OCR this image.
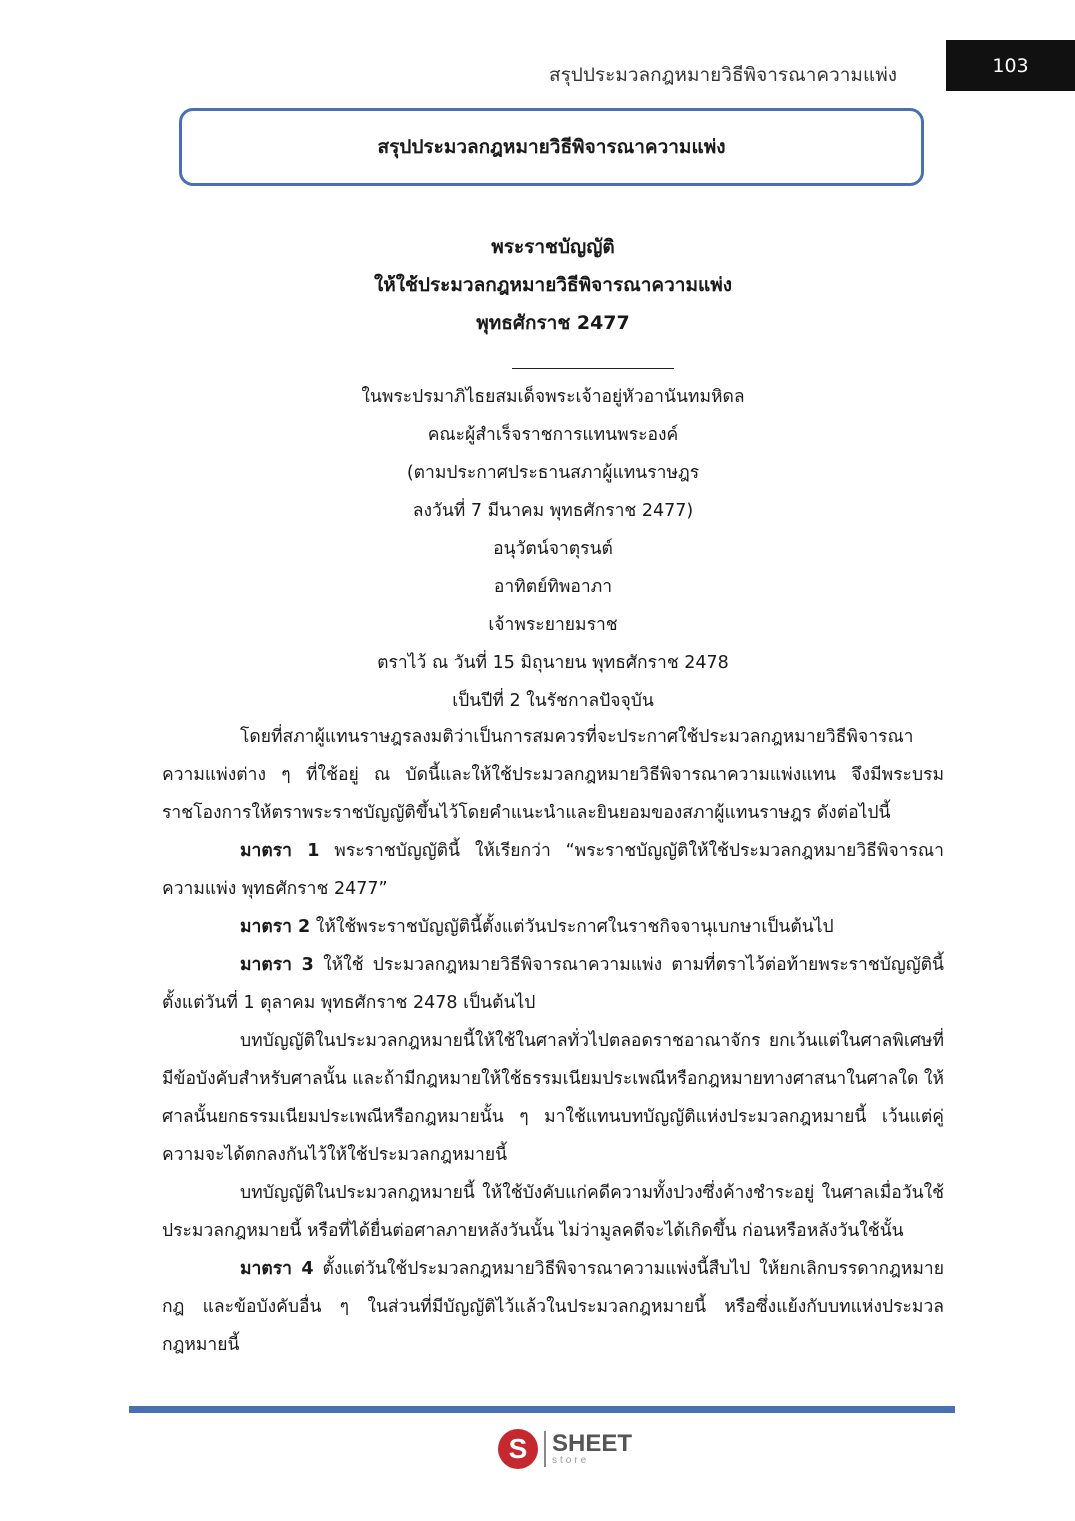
สรุปประมวลกฎหมายวิธีพิจารณาความแพ่ง	103
สรุปประมวลกฎหมายวิธีพิจารณาความแพ่ง
พระราชบัญญัติ
ให้ใช้ประมวลกฎหมายวิธีพิจารณาความแพ่ง
พุทธศักราช 2477
ในพระปรมาภิไธยสมเด็จพระเจ้าอยู่หัวอานันทมหิดล
คณะผู้สำเร็จราชการแทนพระองค์
(ตามประกาศประธานสภาผู้แทนราษฎร
ลงวันที่ 7 มีนาคม พุทธศักราช 2477)
อนุวัตน์จาตุรนต์
อาทิตย์ทิพอาภา
เจ้าพระยายมราช
ตราไว้ ณ วันที่ 15 มิถุนายน พุทธศักราช 2478
เป็นปีที่ 2 ในรัชกาลปัจจุบัน

โดยที่สภาผู้แทนราษฎรลงมติว่าเป็นการสมควรที่จะประกาศใช้ประมวลกฎหมายวิธีพิจารณาความแพ่งต่าง ๆ ที่ใช้อยู่ ณ บัดนี้และให้ใช้ประมวลกฎหมายวิธีพิจารณาความแพ่งแทน จึงมีพระบรมราชโองการให้ตราพระราชบัญญัติขึ้นไว้โดยคำแนะนำและยินยอมของสภาผู้แทนราษฎร ดังต่อไปนี้

มาตรา 1 พระราชบัญญัตินี้ ให้เรียกว่า “พระราชบัญญัติให้ใช้ประมวลกฎหมายวิธีพิจารณาความแพ่ง พุทธศักราช 2477”

มาตรา 2 ให้ใช้พระราชบัญญัตินี้ตั้งแต่วันประกาศในราชกิจจานุเบกษาเป็นต้นไป

มาตรา 3 ให้ใช้ ประมวลกฎหมายวิธีพิจารณาความแพ่ง ตามที่ตราไว้ต่อท้ายพระราชบัญญัตินี้ ตั้งแต่วันที่ 1 ตุลาคม พุทธศักราช 2478 เป็นต้นไป

บทบัญญัติในประมวลกฎหมายนี้ให้ใช้ในศาลทั่วไปตลอดราชอาณาจักร ยกเว้นแต่ในศาลพิเศษที่มีข้อบังคับสำหรับศาลนั้น และถ้ามีกฎหมายให้ใช้ธรรมเนียมประเพณีหรือกฎหมายทางศาสนาในศาลใด ให้ศาลนั้นยกธรรมเนียมประเพณีหรือกฎหมายนั้น ๆ มาใช้แทนบทบัญญัติแห่งประมวลกฎหมายนี้ เว้นแต่คู่ความจะได้ตกลงกันไว้ให้ใช้ประมวลกฎหมายนี้

บทบัญญัติในประมวลกฎหมายนี้ ให้ใช้บังคับแก่คดีความทั้งปวงซึ่งค้างชำระอยู่ ในศาลเมื่อวันใช้ประมวลกฎหมายนี้ หรือที่ได้ยื่นต่อศาลภายหลังวันนั้น ไม่ว่ามูลคดีจะได้เกิดขึ้น ก่อนหรือหลังวันใช้นั้น

มาตรา 4 ตั้งแต่วันใช้ประมวลกฎหมายวิธีพิจารณาความแพ่งนี้สืบไป ให้ยกเลิกบรรดากฎหมาย กฎ และข้อบังคับอื่น ๆ ในส่วนที่มีบัญญัติไว้แล้วในประมวลกฎหมายนี้ หรือซึ่งแย้งกับบทแห่งประมวลกฎหมายนี้

S	SHEET
store
